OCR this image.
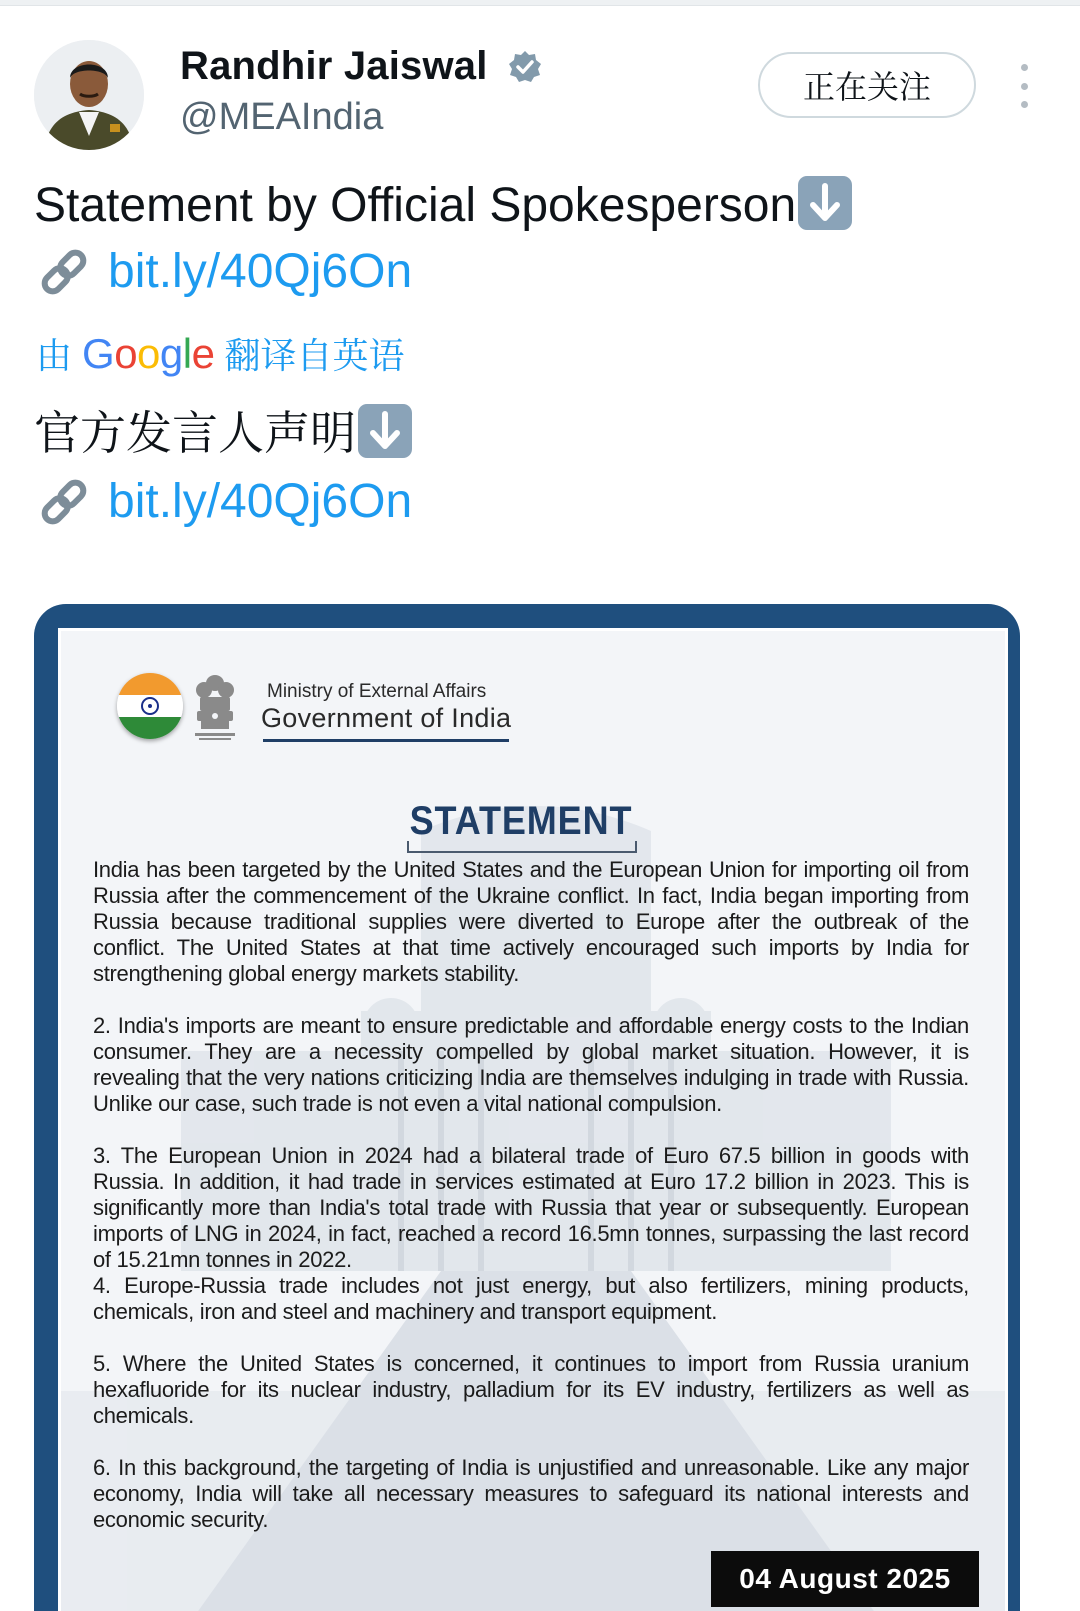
Randhir Jaiswal
@MEAIndia
正在关注
Statement by Official Spokesperson
bit.ly/40Qj6On
由 Google 翻译自英语
官方发言人声明
bit.ly/40Qj6On
Ministry of External Affairs
Government of India
STATEMENT

India has been targeted by the United States and the European Union for importing oil from Russia after the commencement of the Ukraine conflict. In fact, India began importing from Russia because traditional supplies were diverted to Europe after the outbreak of the conflict. The United States at that time actively encouraged such imports by India for strengthening global energy markets stability.

2. India's imports are meant to ensure predictable and affordable energy costs to the Indian consumer. They are a necessity compelled by global market situation. However, it is revealing that the very nations criticizing India are themselves indulging in trade with Russia. Unlike our case, such trade is not even a vital national compulsion.

3. The European Union in 2024 had a bilateral trade of Euro 67.5 billion in goods with Russia. In addition, it had trade in services estimated at Euro 17.2 billion in 2023. This is significantly more than India's total trade with Russia that year or subsequently. European imports of LNG in 2024, in fact, reached a record 16.5mn tonnes, surpassing the last record of 15.21mn tonnes in 2022.

4. Europe-Russia trade includes not just energy, but also fertilizers, mining products, chemicals, iron and steel and machinery and transport equipment.

5. Where the United States is concerned, it continues to import from Russia uranium hexafluoride for its nuclear industry, palladium for its EV industry, fertilizers as well as chemicals.

6. In this background, the targeting of India is unjustified and unreasonable. Like any major economy, India will take all necessary measures to safeguard its national interests and economic security.

04 August 2025
